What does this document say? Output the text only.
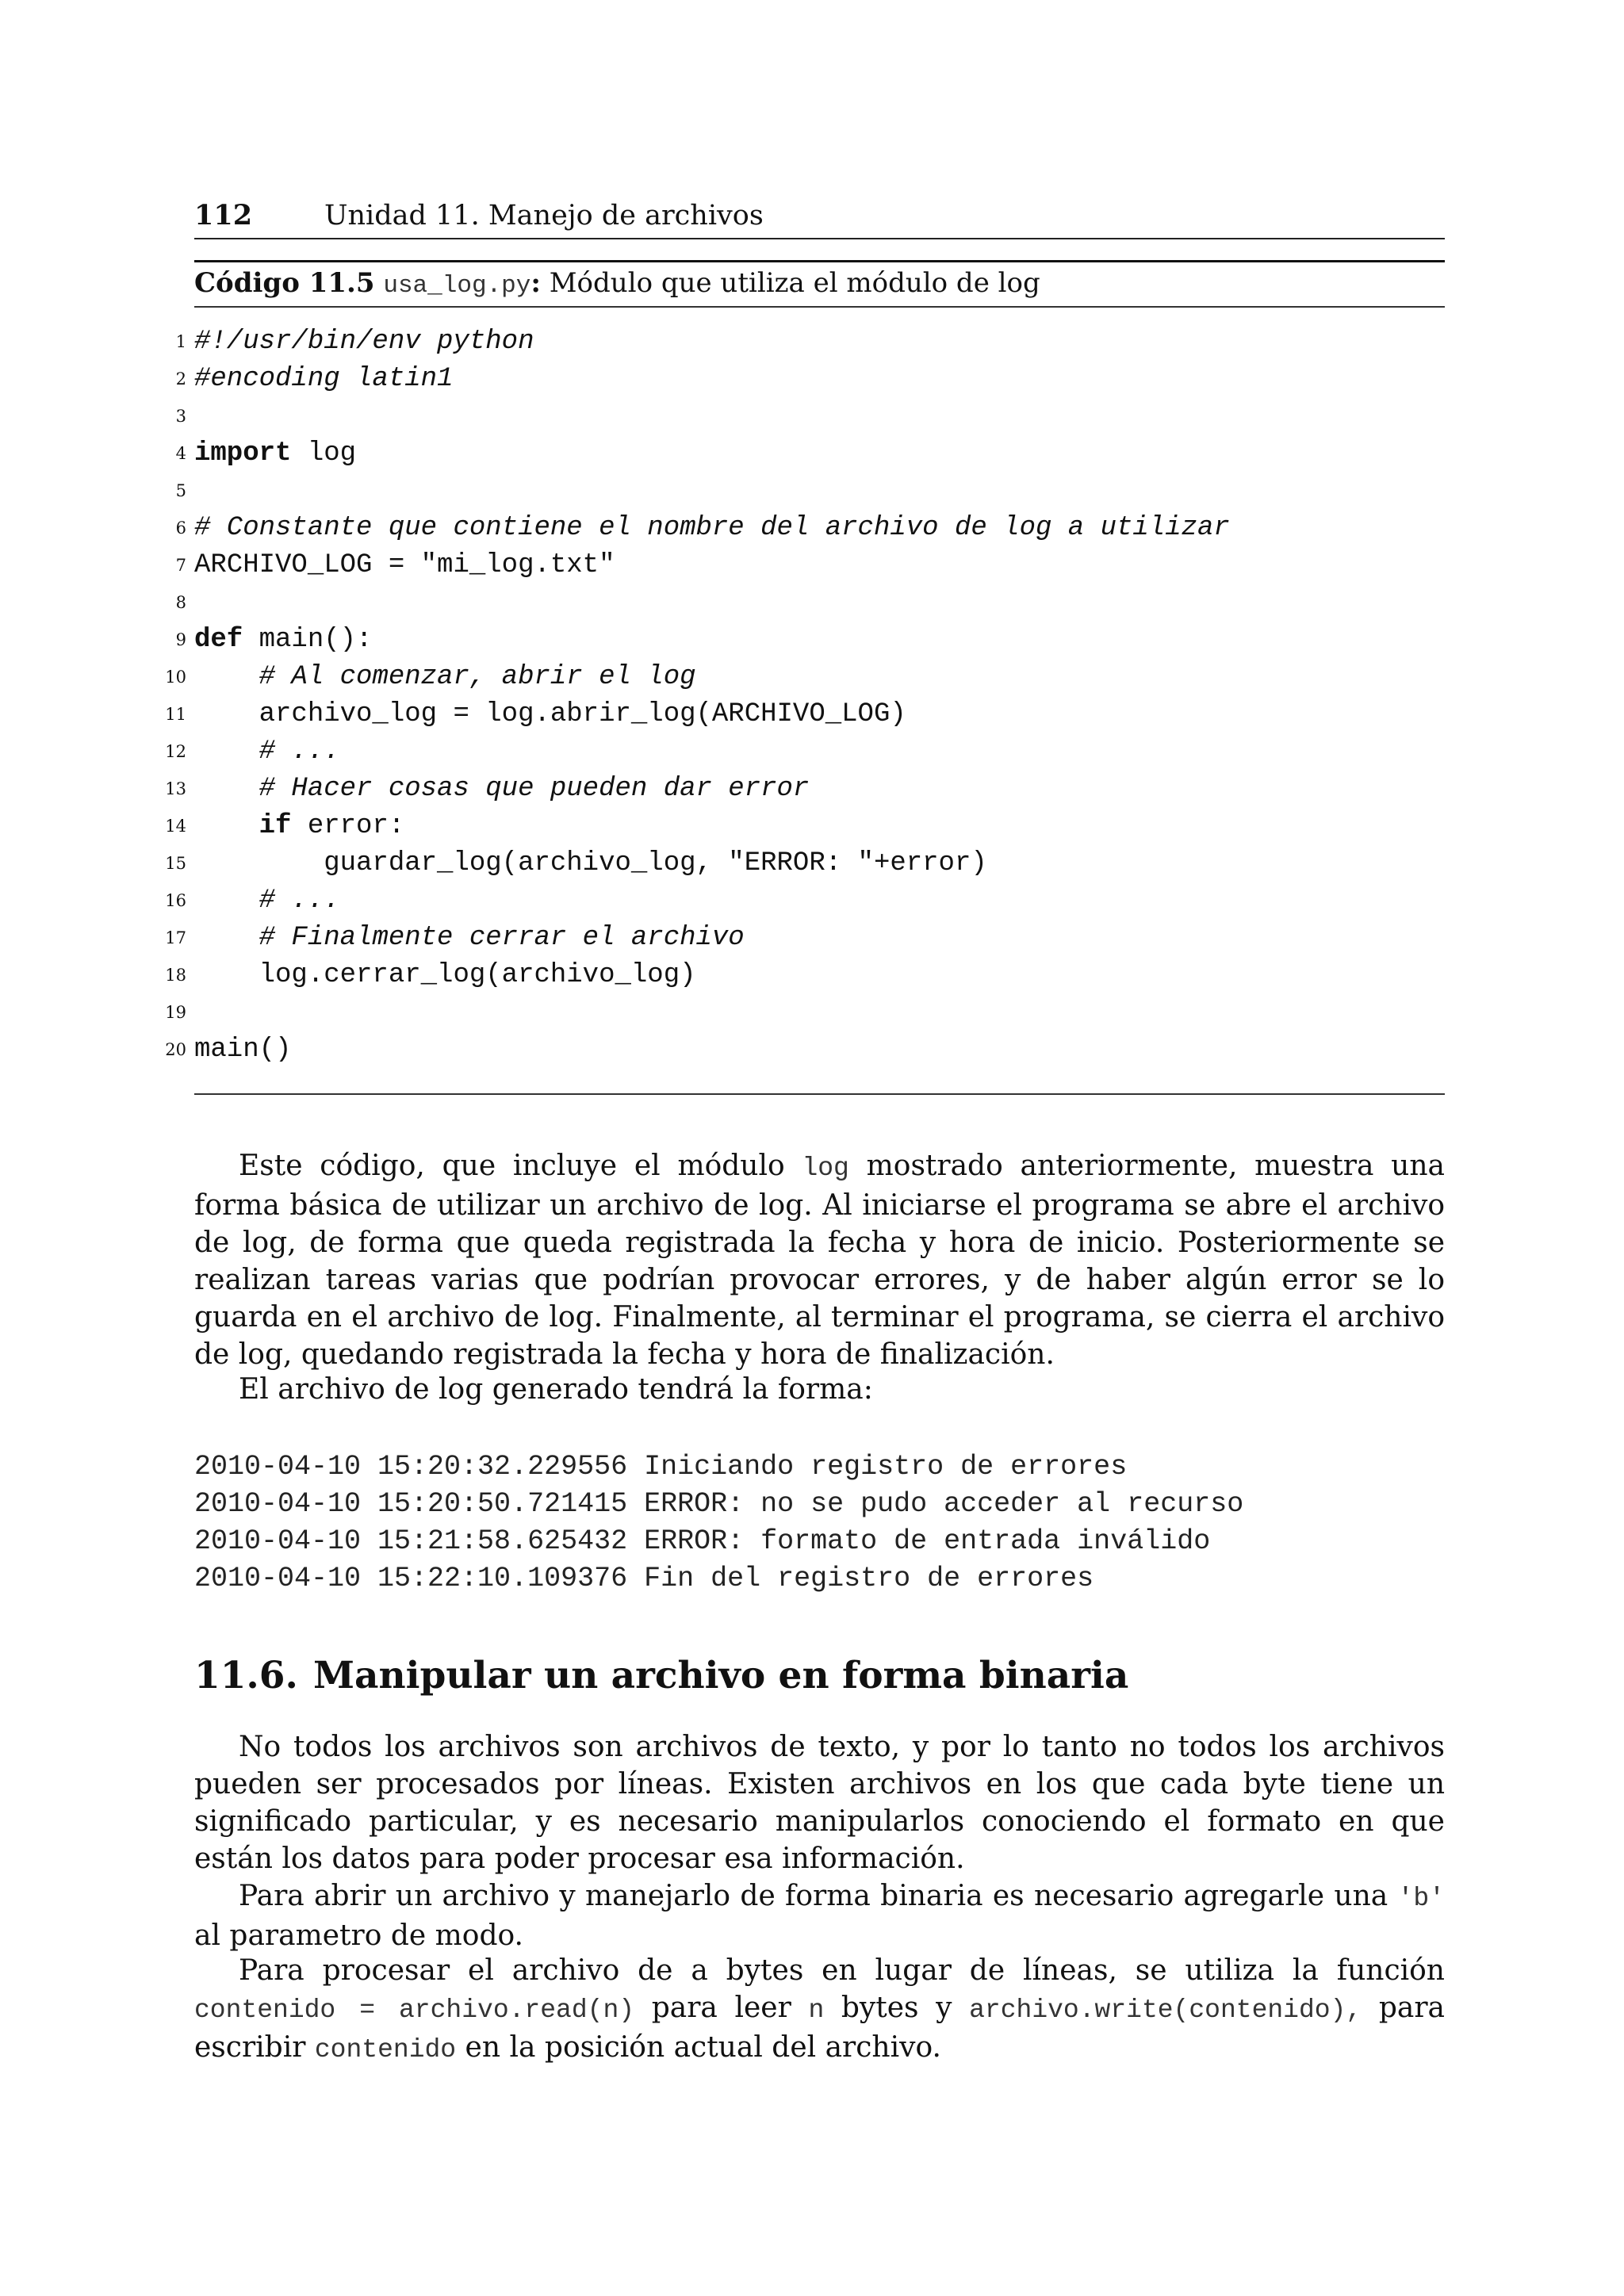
112	Unidad 11. Manejo de archivos
Código 11.5 usa_log.py: Módulo que utiliza el módulo de log
1 #!/usr/bin/env python
2 #encoding latin1
3
4 import log
5
6 # Constante que contiene el nombre del archivo de log a utilizar
7 ARCHIVO_LOG = "mi_log.txt"
8
9 def main():
10 # Al comenzar, abrir el log
11 archivo_log = log.abrir_log(ARCHIVO_LOG)
12 # ...
13 # Hacer cosas que pueden dar error
14	if error:
15 guardar_log(archivo_log, "ERROR: "+error)
16 # ...
17 # Finalmente cerrar el archivo
18 log.cerrar_log(archivo_log)
19
20 main()
Este código, que incluye el módulo log mostrado anteriormente, muestra una forma básica de utilizar un archivo de log. Al iniciarse el programa se abre el archivo de log, de forma que queda registrada la fecha y hora de inicio. Posteriormente se realizan tareas varias que podrían provocar errores, y de haber algún error se lo guarda en el archivo de log. Finalmente, al terminar el programa, se cierra el archivo de log, quedando registrada la fecha y hora de finalización.
El archivo de log generado tendrá la forma:
2010-04-10 15:20:32.229556 Iniciando registro de errores
2010-04-10 15:20:50.721415 ERROR: no se pudo acceder al recurso
2010-04-10 15:21:58.625432 ERROR: formato de entrada inválido
2010-04-10 15:22:10.109376 Fin del registro de errores
11.6. Manipular un archivo en forma binaria
No todos los archivos son archivos de texto, y por lo tanto no todos los archivos pueden ser procesados por líneas. Existen archivos en los que cada byte tiene un significado particular, y es necesario manipularlos conociendo el formato en que están los datos para poder procesar esa información.
Para abrir un archivo y manejarlo de forma binaria es necesario agregarle una 'b' al parametro de modo.
Para procesar el archivo de a bytes en lugar de líneas, se utiliza la función contenido = archivo.read(n) para leer n bytes y archivo.write(contenido), para escribir contenido en la posición actual del archivo.
